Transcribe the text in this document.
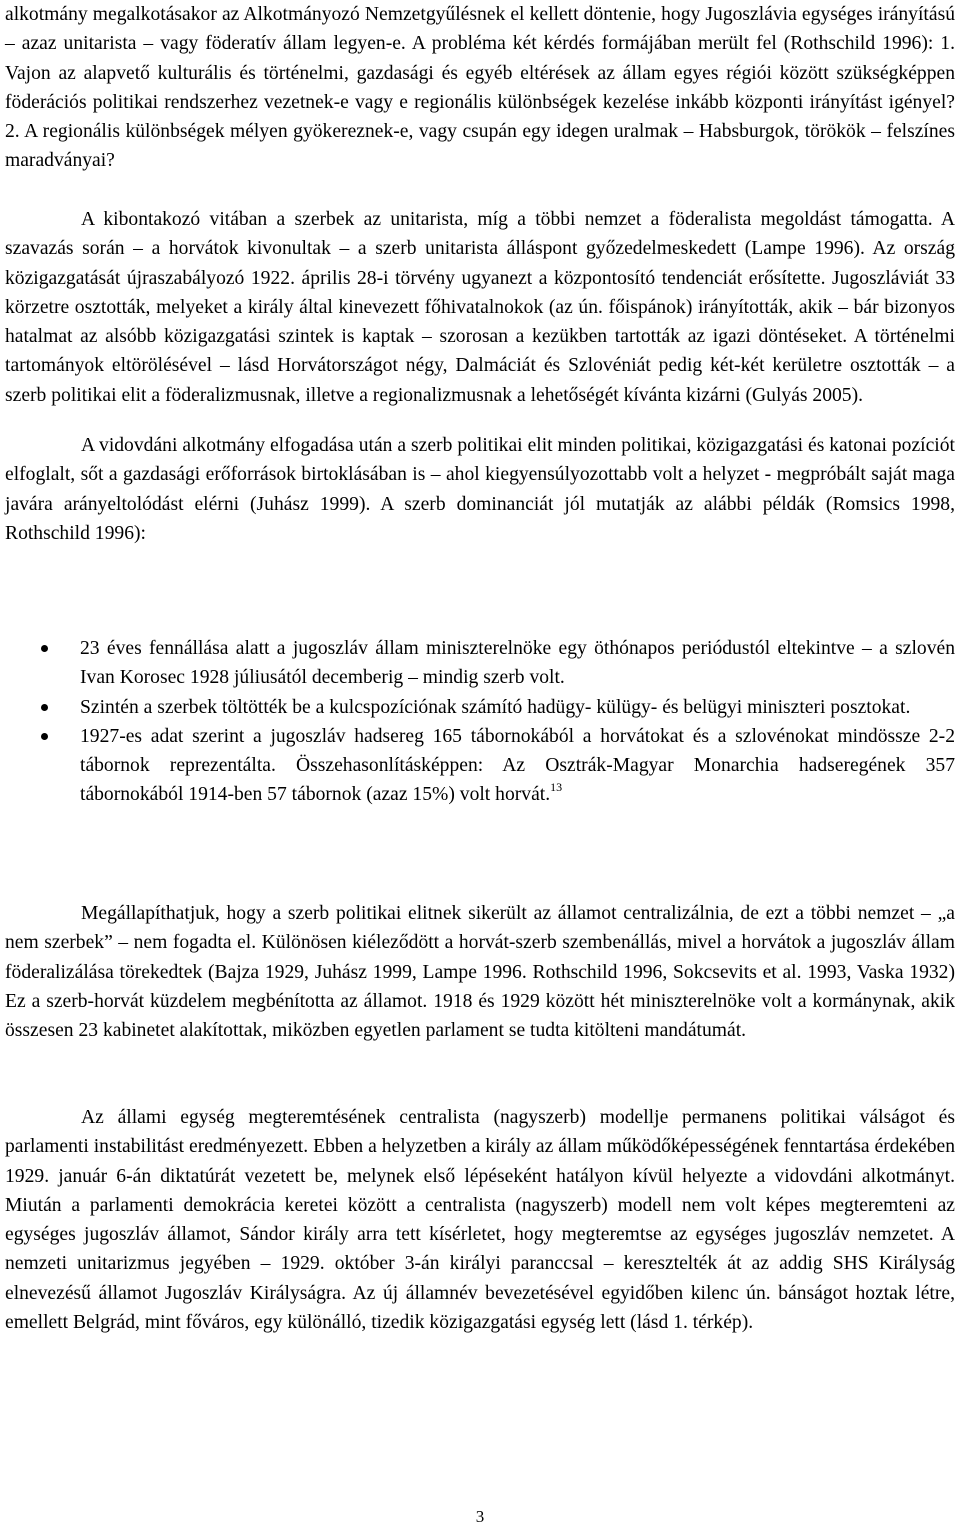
alkotmány megalkotásakor az Alkotmányozó Nemzetgyűlésnek el kellett dönteni​e, hogy Jugoszlávia egységes irányítású – azaz unitarista – vagy föderatív állam legyen-e. A probléma két kérdés formájában merült fel (Rothschild 1996): 1. Vajon az alapvető kulturális és történelmi, gazdasági és egyéb eltérések az állam egyes régiói között szükségképpen föderációs politikai rendszerhez vezetnek-e vagy e regionális különbségek kezelése inkább központi irányítást igényel? 2. A regionális különbségek mélyen gyökereznek-e, vagy csupán egy idegen uralmak – Habsburgok, törökök – felszínes maradványai?

A kibontakozó vitában a szerbek az unitarista, míg a többi nemzet a föderalista megoldást támogatta. A szavazás során – a horvátok kivonultak – a szerb unitarista álláspont győzedelmeskedett (Lampe 1996). Az ország közigazgatását újraszabályozó 1922. április 28-i törvény ugyanezt a központosító tendenciát erősítette. Jugoszláviát 33 körzetre osztották, melyeket a király által kinevezett főhivatalnokok (az ún. főispánok) irányították, akik – bár bizonyos hatalmat az alsóbb közigazgatási szintek is kaptak – szorosan a kezükben tartották az igazi döntéseket. A történelmi tartományok eltörölésével – lásd Horvátországot négy, Dalmáciát és Szlovéniát pedig két-két kerületre osztották – a szerb politikai elit a föderalizmusnak, illetve a regionalizmusnak a lehetőségét kívánta kizárni (Gulyás 2005).

A vidovdáni alkotmány elfogadása után a szerb politikai elit minden politikai, közigazgatási és katonai pozíciót elfoglalt, sőt a gazdasági erőforrások birtoklásában is – ahol kiegyensúlyozottabb volt a helyzet - megpróbált saját maga javára arányeltolódást elérni (Juhász 1999). A szerb dominanciát jól mutatják az alábbi példák (Romsics 1998, Rothschild 1996):

23 éves fennállása alatt a jugoszláv állam miniszterelnöke egy öthónapos periódustól eltekintve – a szlovén Ivan Korosec 1928 júliusától decemberig – mindig szerb volt.
Szintén a szerbek töltötték be a kulcspozíciónak számító hadügy- külügy- és belügyi miniszteri posztokat.
1927-es adat szerint a jugoszláv hadsereg 165 tábornokából a horvátokat és a szlovénokat mindössze 2-2 tábornok reprezentálta. Összehasonlításképpen: Az Osztrák-Magyar Monarchia hadseregének 357 tábornokából 1914-ben 57 tábornok (azaz 15%) volt horvát.$^{13}$

Megállapíthatjuk, hogy a szerb politikai elitnek sikerült az államot centralizálnia, de ezt a többi nemzet – „a nem szerbek” – nem fogadta el. Különösen kiéleződött a horvát-szerb szembenállás, mivel a horvátok a jugoszláv állam föderalizálása törekedtek (Bajza 1929, Juhász 1999, Lampe 1996. Rothschild 1996, Sokcsevits et al. 1993, Vaska 1932) Ez a szerb-horvát küzdelem megbénította az államot. 1918 és 1929 között hét miniszterelnöke volt a kormánynak, akik összesen 23 kabinetet alakítottak, miközben egyetlen parlament se tudta kitölteni mandátumát.

Az állami egység megteremtésének centralista (nagyszerb) modellje permanens politikai válságot és parlamenti instabilitást eredményezett. Ebben a helyzetben a király az állam működőképességének fenntartása érdekében 1929. január 6-án diktatúrát vezetett be, melynek első lépéseként hatályon kívül helyezte a vidovdáni alkotmányt. Miután a parlamenti demokrácia keretei között a centralista (nagyszerb) modell nem volt képes megteremteni az egységes jugoszláv államot, Sándor király arra tett kísérletet, hogy megteremtse az egységes jugoszláv nemzetet. A nemzeti unitarizmus jegyében – 1929. október 3-án királyi paranccsal – keresztelték át az addig SHS Királyság elnevezésű államot Jugoszláv Királyságra. Az új államnév bevezetésével egyidőben kilenc ún. bánságot hoztak létre, emellett Belgrád, mint főváros, egy különálló, tizedik közigazgatási egység lett (lásd 1. térkép).

3
